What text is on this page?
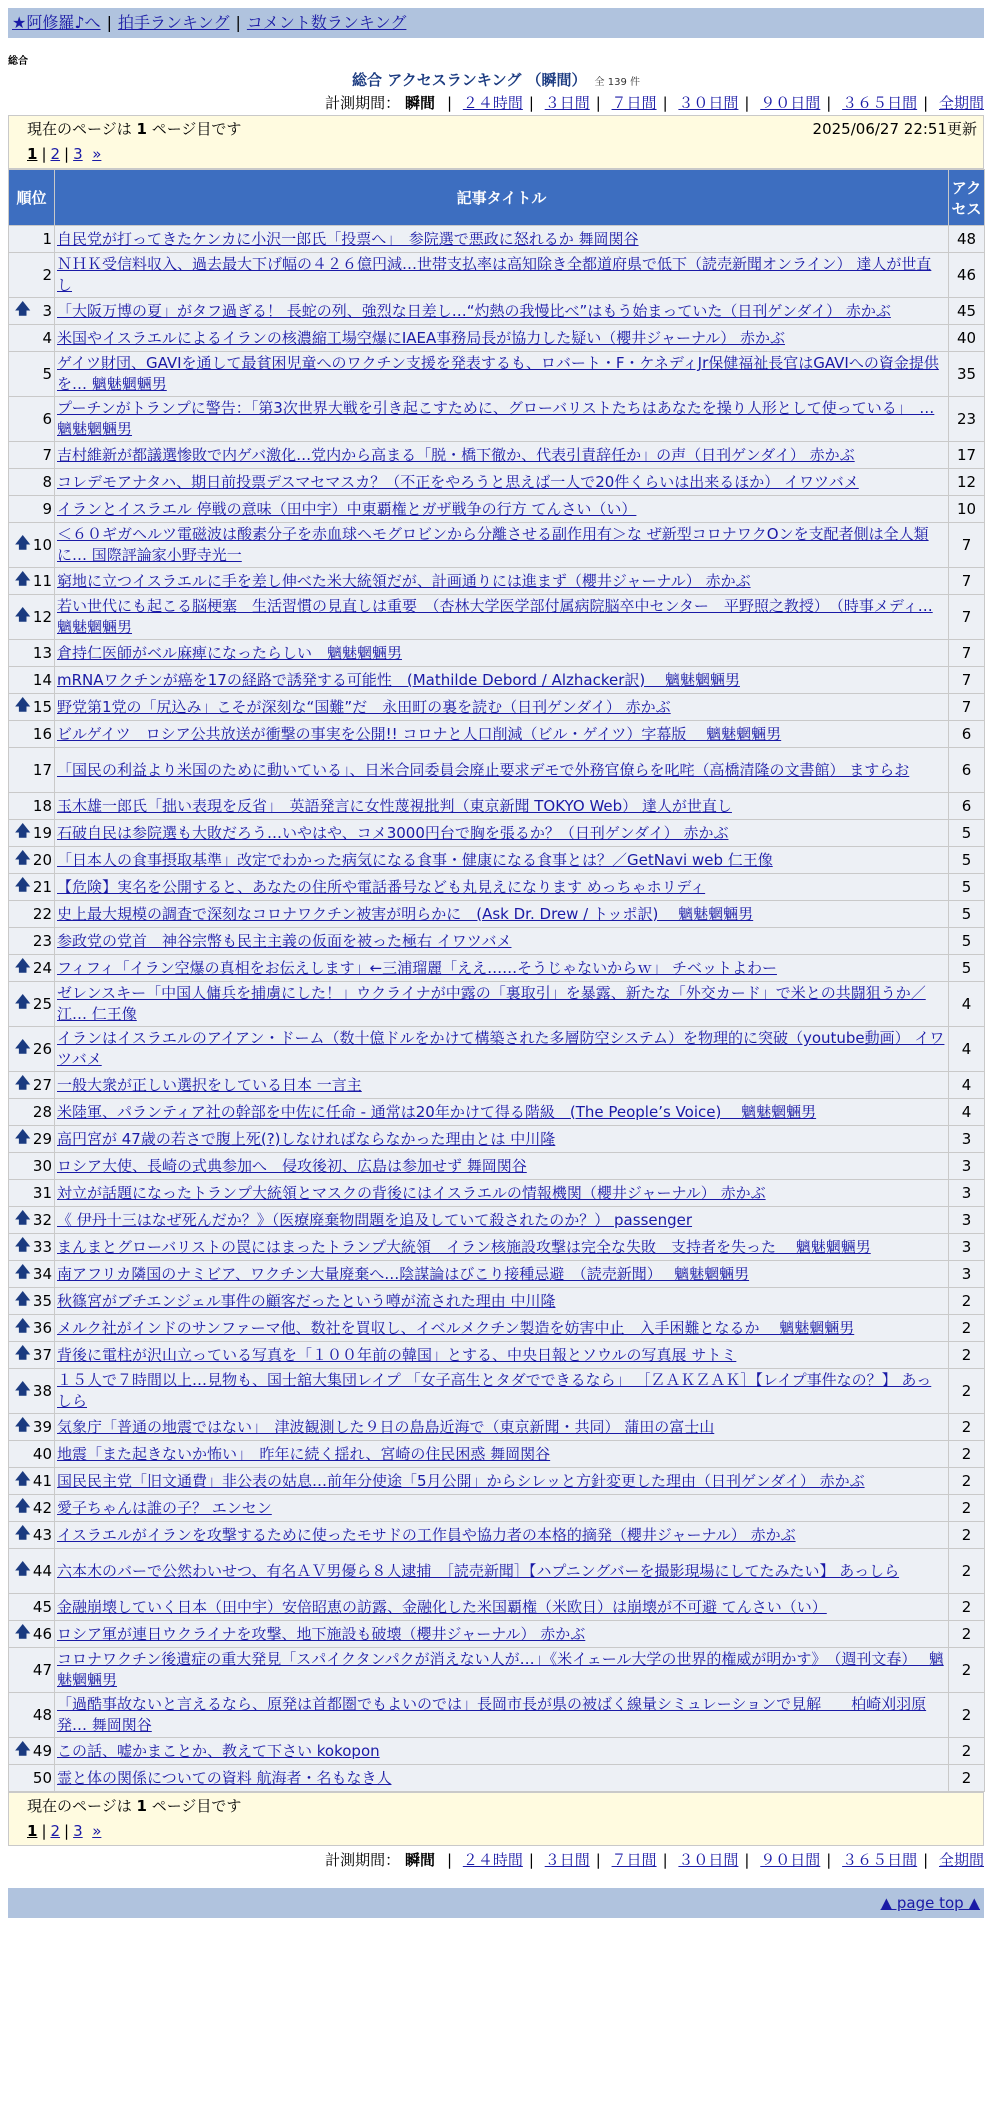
★阿修羅♪へ | 拍手ランキング | コメント数ランキング
総合
総合 アクセスランキング （瞬間） 全 139 件
計測期間： 瞬間 | ２４時間 | ３日間 | ７日間 | ３０日間 | ９０日間 | ３６５日間 | 全期間
現在のページは 1 ページ目です	2025/06/27 22:51更新
1 | 2 | 3 »
順位	記事タイトル	アクセス
1	自民党が打ってきたケンカに小沢一郎氏「投票へ」　参院選で悪政に怒れるか 舞岡関谷	48
2	ＮＨＫ受信料収入、過去最大下げ幅の４２６億円減…世帯支払率は高知除き全都道府県で低下（読売新聞オンライン） 達人が世直し	46

🡅 3	「大阪万博の夏」がタフ過ぎる！ 長蛇の列、強烈な日差し…“灼熱の我慢比べ”はもう始まっていた（日刊ゲンダイ） 赤かぶ	45
4	米国やイスラエルによるイランの核濃縮工場空爆にIAEA事務局長が協力した疑い（櫻井ジャーナル） 赤かぶ	40
5	ゲイツ財団、GAVIを通して最貧困児童へのワクチン支援を発表するも、ロバート・F・ケネディJr保健福祉長官はGAVIへの資金提供を… 魑魅魍魎男	35
6	プーチンがトランプに警告：「第3次世界大戦を引き起こすために、グローバリストたちはあなたを操り人形として使っている」　… 魑魅魍魎男	23
7	吉村維新が都議選惨敗で内ゲバ激化…党内から高まる「脱・橋下徹か、代表引責辞任か」の声（日刊ゲンダイ） 赤かぶ	17
8	コレデモアナタハ、期日前投票デスマセマスカ？（不正をやろうと思えば一人で20件くらいは出来るほか） イワツバメ	12
9	イランとイスラエル 停戦の意味（田中宇）中東覇権とガザ戦争の行方 てんさい（い）	10

🡅 10	＜６０ギガヘルツ電磁波は酸素分子を赤血球ヘモグロビンから分離させる副作用有＞な ぜ新型コロナワクOンを支配者側は全人類に… 国際評論家小野寺光一	7

🡅 11	窮地に立つイスラエルに手を差し伸べた米大統領だが、計画通りには進まず（櫻井ジャーナル） 赤かぶ	7

🡅 12	若い世代にも起こる脳梗塞　生活習慣の見直しは重要　（杏林大学医学部付属病院脳卒中センター　平野照之教授）　（時事メディ… 魑魅魍魎男	7
13	倉持仁医師がベル麻痺になったらしい　魑魅魍魎男	7
14	mRNAワクチンが癌を17の経路で誘発する可能性　(Mathilde Debord / Alzhacker訳)　 魑魅魍魎男	7

🡅 15	野党第1党の「尻込み」こそが深刻な“国難”だ　永田町の裏を読む（日刊ゲンダイ） 赤かぶ	7
16	ビルゲイツ　ロシア公共放送が衝撃の事実を公開!! コロナと人口削減（ビル・ゲイツ）字幕版　 魑魅魍魎男	6
17	「国民の利益より米国のために動いている」、日米合同委員会廃止要求デモで外務官僚らを叱咤（高橋清隆の文書館） ますらお	6
18	玉木雄一郎氏「拙い表現を反省」　英語発言に女性蔑視批判（東京新聞 TOKYO Web） 達人が世直し	6

🡅 19	石破自民は参院選も大敗だろう…いやはや、コメ3000円台で胸を張るか？（日刊ゲンダイ） 赤かぶ	5

🡅 20	「日本人の食事摂取基準」改定でわかった病気になる食事・健康になる食事とは？／GetNavi web 仁王像	5

🡅 21	【危険】実名を公開すると、あなたの住所や電話番号なども丸見えになります めっちゃホリディ	5
22	史上最大規模の調査で深刻なコロナワクチン被害が明らかに　(Ask Dr. Drew / トッポ訳)　 魑魅魍魎男	5
23	参政党の党首　神谷宗幣も民主主義の仮面を被った極右 イワツバメ	5

🡅 24	フィフィ「イラン空爆の真相をお伝えします」←三浦瑠麗「ええ……そうじゃないからｗ」 チベットよわー	5

🡅 25	ゼレンスキー「中国人傭兵を捕虜にした！」ウクライナが中露の「裏取引」を暴露、新たな「外交カード」で米との共闘狙うか／江… 仁王像	4

🡅 26	イランはイスラエルのアイアン・ドーム（数十億ドルをかけて構築された多層防空システム）を物理的に突破（youtube動画） イワツバメ	4

🡅 27	一般大衆が正しい選択をしている日本 一言主	4
28	米陸軍、パランティア社の幹部を中佐に任命 - 通常は20年かけて得る階級　(The People’s Voice)　 魑魅魍魎男	4

🡅 29	高円宮が 47歳の若さで腹上死(?)しなければならなかった理由とは 中川隆	3
30	ロシア大使、長崎の式典参加へ　侵攻後初、広島は参加せず 舞岡関谷	3
31	対立が話題になったトランプ大統領とマスクの背後にはイスラエルの情報機関（櫻井ジャーナル） 赤かぶ	3

🡅 32	《 伊丹十三はなぜ死んだか？》（医療廃棄物問題を追及していて殺されたのか？） passenger	3

🡅 33	まんまとグローバリストの罠にはまったトランプ大統領　イラン核施設攻撃は完全な失敗　支持者を失った　 魑魅魍魎男	3

🡅 34	南アフリカ隣国のナミビア、ワクチン大量廃棄へ…陰謀論はびこり接種忌避　（読売新聞）　 魑魅魍魎男	3

🡅 35	秋篠宮がブチエンジェル事件の顧客だったという噂が流された理由 中川隆	2

🡅 36	メルク社がインドのサンファーマ他、数社を買収し、イベルメクチン製造を妨害中止　入手困難となるか　 魑魅魍魎男	2

🡅 37	背後に電柱が沢山立っている写真を「１００年前の韓国」とする、中央日報とソウルの写真展 サトミ	2

🡅 38	１５人で７時間以上…見物も、国士舘大集団レイプ 「女子高生とタダでできるなら」 ［ＺＡＫＺＡＫ］【レイプ事件なの？】 あっしら	2

🡅 39	気象庁「普通の地震ではない」　津波観測した９日の島島近海で（東京新聞・共同） 蒲田の富士山	2
40	地震「また起きないか怖い」　昨年に続く揺れ、宮崎の住民困惑 舞岡関谷	2

🡅 41	国民民主党「旧文通費」非公表の姑息…前年分使途「5月公開」からシレッと方針変更した理由（日刊ゲンダイ） 赤かぶ	2

🡅 42	愛子ちゃんは誰の子？ エンセン	2

🡅 43	イスラエルがイランを攻撃するために使ったモサドの工作員や協力者の本格的摘発（櫻井ジャーナル） 赤かぶ	2

🡅 44	六本木のバーで公然わいせつ、有名ＡＶ男優ら８人逮捕　［読売新聞］【ハプニングバーを撮影現場にしてたみたい】 あっしら	2
45	金融崩壊していく日本（田中宇）安倍昭恵の訪露、金融化した米国覇権（米欧日）は崩壊が不可避 てんさい（い）	2

🡅 46	ロシア軍が連日ウクライナを攻撃、地下施設も破壊（櫻井ジャーナル） 赤かぶ	2
47	コロナワクチン後遺症の重大発見「スパイクタンパクが消えない人が…」《米イェール大学の世界的権威が明かす》　（週刊文春）　 魑魅魍魎男	2
48	「過酷事故ないと言えるなら、原発は首都圏でもよいのでは」長岡市長が県の被ばく線量シミュレーションで見解　　柏崎刈羽原発… 舞岡関谷	2

🡅 49	この話、嘘かまことか、教えて下さい kokopon	2
50	霊と体の関係についての資料 航海者・名もなき人	2
現在のページは 1 ページ目です
1 | 2 | 3 »
計測期間： 瞬間 | ２４時間 | ３日間 | ７日間 | ３０日間 | ９０日間 | ３６５日間 | 全期間
▲ page top ▲
